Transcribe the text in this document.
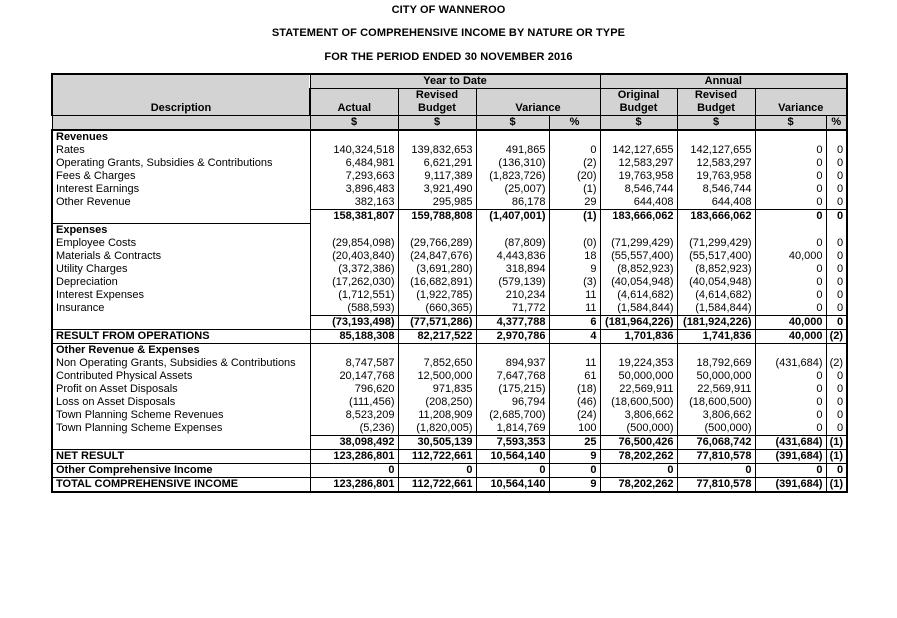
CITY OF WANNEROO
STATEMENT OF COMPREHENSIVE INCOME BY NATURE OR TYPE
FOR THE PERIOD ENDED 30 NOVEMBER 2016
Description	Year to Date				Annual			
		Revised			Original	Revised		
	Actual	Budget	Variance		Budget	Budget	Variance	
	$	$	$	%	$	$	$	%
Revenues								
Rates	140,324,518	139,832,653	491,865	0	142,127,655	142,127,655	0	0
Operating Grants, Subsidies & Contributions	6,484,981	6,621,291	(136,310)	(2)	12,583,297	12,583,297	0	0
Fees & Charges	7,293,663	9,117,389	(1,823,726)	(20)	19,763,958	19,763,958	0	0
Interest Earnings	3,896,483	3,921,490	(25,007)	(1)	8,546,744	8,546,744	0	0
Other Revenue	382,163	295,985	86,178	29	644,408	644,408	0	0
	158,381,807	159,788,808	(1,407,001)	(1)	183,666,062	183,666,062	0	0
Expenses								
Employee Costs	(29,854,098)	(29,766,289)	(87,809)	(0)	(71,299,429)	(71,299,429)	0	0
Materials & Contracts	(20,403,840)	(24,847,676)	4,443,836	18	(55,557,400)	(55,517,400)	40,000	0
Utility Charges	(3,372,386)	(3,691,280)	318,894	9	(8,852,923)	(8,852,923)	0	0
Depreciation	(17,262,030)	(16,682,891)	(579,139)	(3)	(40,054,948)	(40,054,948)	0	0
Interest Expenses	(1,712,551)	(1,922,785)	210,234	11	(4,614,682)	(4,614,682)	0	0
Insurance	(588,593)	(660,365)	71,772	11	(1,584,844)	(1,584,844)	0	0
	(73,193,498)	(77,571,286)	4,377,788	6	(181,964,226)	(181,924,226)	40,000	0
RESULT FROM OPERATIONS	85,188,308	82,217,522	2,970,786	4	1,701,836	1,741,836	40,000	(2)
Other Revenue & Expenses								
Non Operating Grants, Subsidies & Contributions	8,747,587	7,852,650	894,937	11	19,224,353	18,792,669	(431,684)	(2)
Contributed Physical Assets	20,147,768	12,500,000	7,647,768	61	50,000,000	50,000,000	0	0
Profit on Asset Disposals	796,620	971,835	(175,215)	(18)	22,569,911	22,569,911	0	0
Loss on Asset Disposals	(111,456)	(208,250)	96,794	(46)	(18,600,500)	(18,600,500)	0	0
Town Planning Scheme Revenues	8,523,209	11,208,909	(2,685,700)	(24)	3,806,662	3,806,662	0	0
Town Planning Scheme Expenses	(5,236)	(1,820,005)	1,814,769	100	(500,000)	(500,000)	0	0
	38,098,492	30,505,139	7,593,353	25	76,500,426	76,068,742	(431,684)	(1)
NET RESULT	123,286,801	112,722,661	10,564,140	9	78,202,262	77,810,578	(391,684)	(1)
Other Comprehensive Income	0	0	0	0	0	0	0	0
TOTAL COMPREHENSIVE INCOME	123,286,801	112,722,661	10,564,140	9	78,202,262	77,810,578	(391,684)	(1)
